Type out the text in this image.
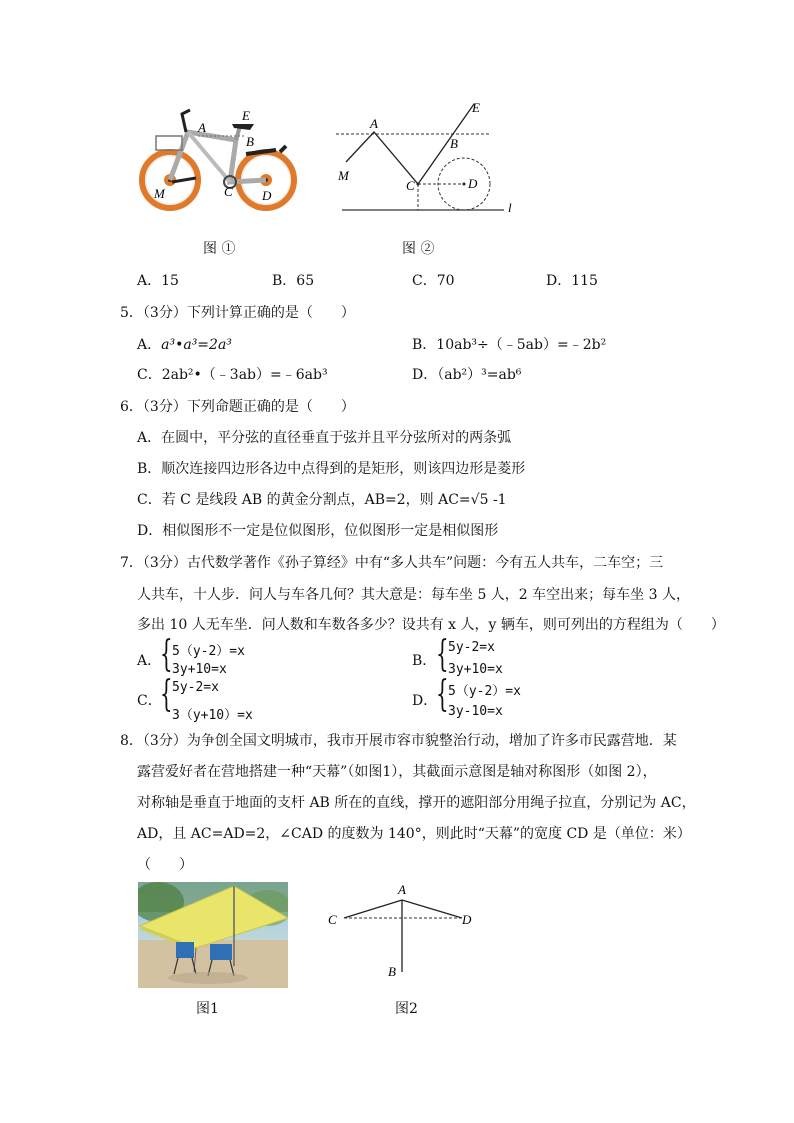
A
E
B
C D
M
A
E
B
C	D
M
l
图 ①	图 ②
A．15	B．65	C．70	D．115
5．（3分）下列计算正确的是（　　）
A．a³•a³=2a³	B．10ab³÷（﹣5ab）=﹣2b²
C．2ab²•（﹣3ab）=﹣6ab³	D．（ab²）³=ab⁶
6．（3分）下列命题正确的是（　　）
A．在圆中，平分弦的直径垂直于弦并且平分弦所对的两条弧
B．顺次连接四边形各边中点得到的是矩形，则该四边形是菱形
C．若 C 是线段 AB 的黄金分割点，AB=2，则 AC=√5 -1
D．相似图形不一定是位似图形，位似图形一定是相似图形
7．（3分）古代数学著作《孙子算经》中有“多人共车”问题：今有五人共车，二车空；三
人共车，十人步．问人与车各几何？其大意是：每车坐 5 人，2 车空出来；每车坐 3 人，
多出 10 人无车坐．问人数和车数各多少？设共有 x 人，y 辆车，则可列出的方程组为（　　）
A．
{ 5（y-2）=x
3y+10=x
B． { 5y-2=x
3y+10=x
C．
{ 5y-2=x
3（y+10）=x
D．
{ 5（y-2）=x
3y-10=x
8．（3分）为争创全国文明城市，我市开展市容市貌整治行动，增加了许多市民露营地．某
露营爱好者在营地搭建一种“天幕”（如图1），其截面示意图是轴对称图形（如图 2），
对称轴是垂直于地面的支杆 AB 所在的直线，撑开的遮阳部分用绳子拉直，分别记为 AC，
AD，且 AC=AD=2，∠CAD 的度数为 140°，则此时“天幕”的宽度 CD 是（单位：米）
（　　）
图1
A
C	D
B
图2
